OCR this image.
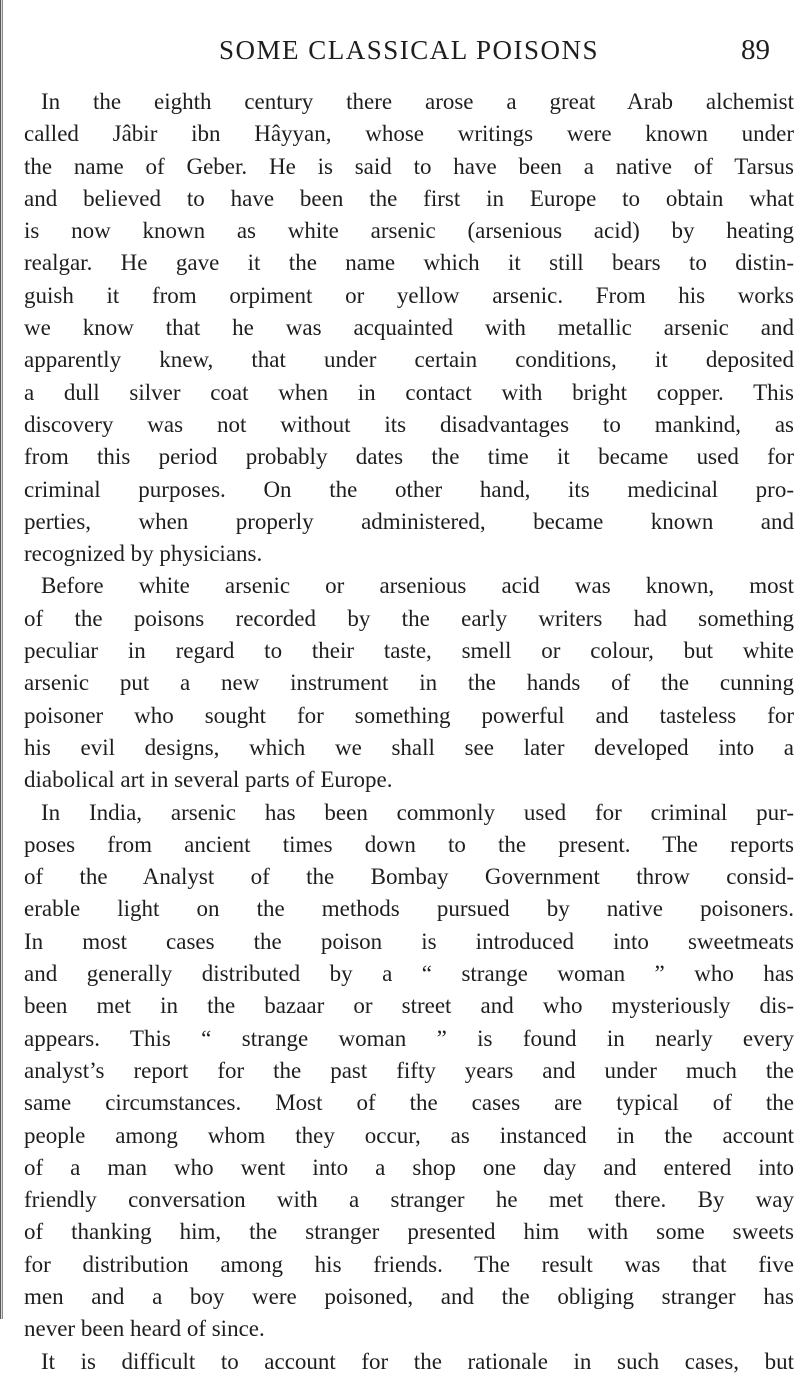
SOME CLASSICAL POISONS	89
In the eighth century there arose a great Arab alchemist
called Jâbir ibn Hâyyan, whose writings were known under
the name of Geber. He is said to have been a native of Tarsus
and believed to have been the first in Europe to obtain what
is now known as white arsenic (arsenious acid) by heating
realgar. He gave it the name which it still bears to distin-
guish it from orpiment or yellow arsenic. From his works
we know that he was acquainted with metallic arsenic and
apparently knew, that under certain conditions, it deposited
a dull silver coat when in contact with bright copper. This
discovery was not without its disadvantages to mankind, as
from this period probably dates the time it became used for
criminal purposes. On the other hand, its medicinal pro-
perties, when properly administered, became known and
recognized by physicians.
Before white arsenic or arsenious acid was known, most
of the poisons recorded by the early writers had something
peculiar in regard to their taste, smell or colour, but white
arsenic put a new instrument in the hands of the cunning
poisoner who sought for something powerful and tasteless for
his evil designs, which we shall see later developed into a
diabolical art in several parts of Europe.
In India, arsenic has been commonly used for criminal pur-
poses from ancient times down to the present. The reports
of the Analyst of the Bombay Government throw consid-
erable light on the methods pursued by native poisoners.
In most cases the poison is introduced into sweetmeats
and generally distributed by a “ strange woman ” who has
been met in the bazaar or street and who mysteriously dis-
appears. This “ strange woman ” is found in nearly every
analyst’s report for the past fifty years and under much the
same circumstances. Most of the cases are typical of the
people among whom they occur, as instanced in the account
of a man who went into a shop one day and entered into
friendly conversation with a stranger he met there. By way
of thanking him, the stranger presented him with some sweets
for distribution among his friends. The result was that five
men and a boy were poisoned, and the obliging stranger has
never been heard of since.
It is difficult to account for the rationale in such cases, but
